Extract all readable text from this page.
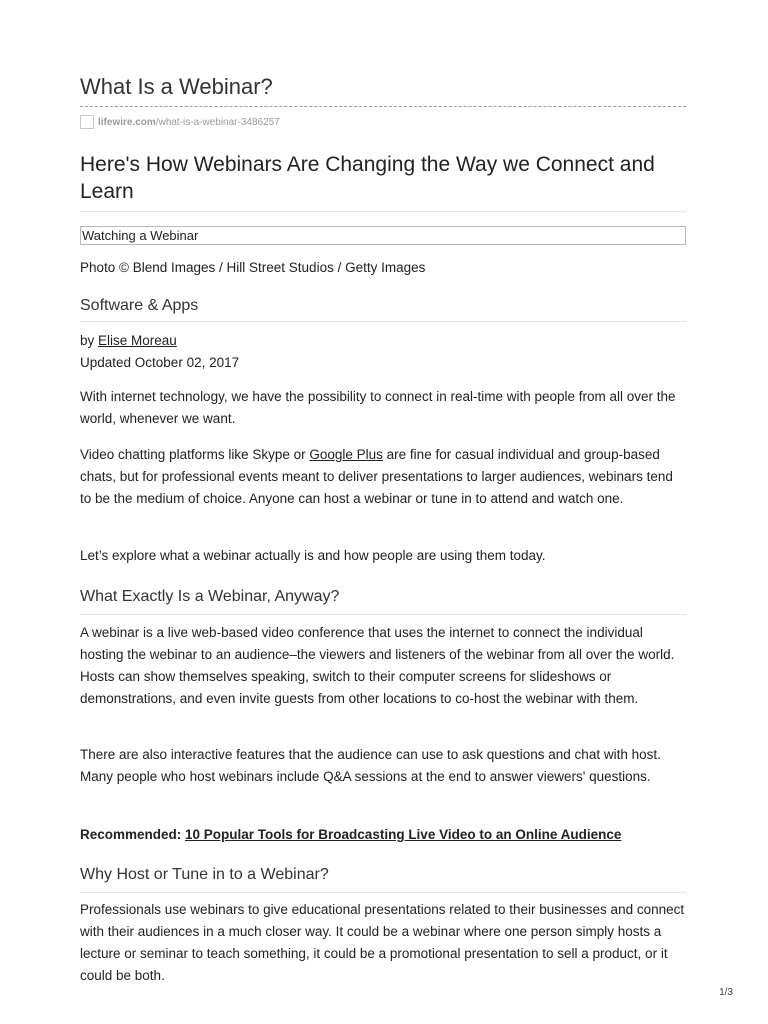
What Is a Webinar?
lifewire.com /what-is-a-webinar-3486257
Here's How Webinars Are Changing the Way we Connect and Learn
Watching a Webinar
Photo © Blend Images / Hill Street Studios / Getty Images
Software & Apps
by Elise Moreau
Updated October 02, 2017

With internet technology, we have the possibility to connect in real-time with people from all over the world, whenever we want.

Video chatting platforms like Skype or Google Plus are fine for casual individual and group-based chats, but for professional events meant to deliver presentations to larger audiences, webinars tend to be the medium of choice. Anyone can host a webinar or tune in to attend and watch one.

Let’s explore what a webinar actually is and how people are using them today.

What Exactly Is a Webinar, Anyway?

A webinar is a live web-based video conference that uses the internet to connect the individual hosting the webinar to an audience–the viewers and listeners of the webinar from all over the world. Hosts can show themselves speaking, switch to their computer screens for slideshows or demonstrations, and even invite guests from other locations to co-host the webinar with them.

There are also interactive features that the audience can use to ask questions and chat with host. Many people who host webinars include Q&A sessions at the end to answer viewers' questions.

Recommended: 10 Popular Tools for Broadcasting Live Video to an Online Audience
Why Host or Tune in to a Webinar?

Professionals use webinars to give educational presentations related to their businesses and connect with their audiences in a much closer way. It could be a webinar where one person simply hosts a lecture or seminar to teach something, it could be a promotional presentation to sell a product, or it could be both.

1/3
